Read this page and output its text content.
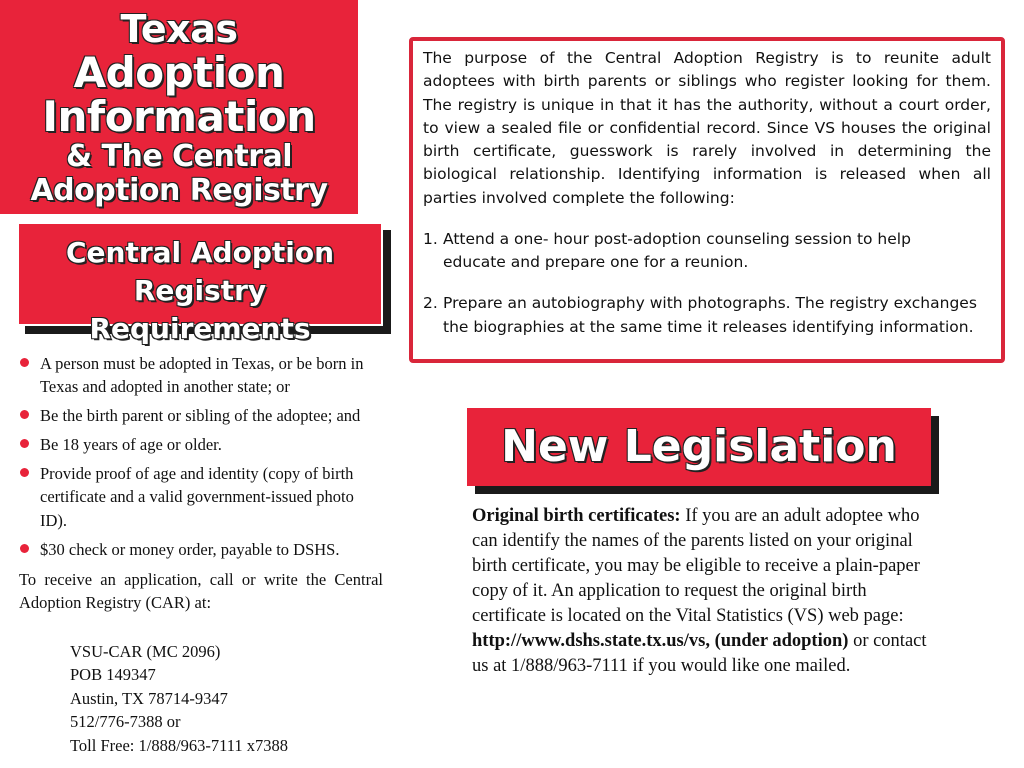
Texas
Adoption
Information
& The Central
Adoption Registry
Central Adoption
Registry Requirements
A person must be adopted in Texas, or be born in Texas and adopted in another state; or
Be the birth parent or sibling of the adoptee; and
Be 18 years of age or older.
Provide proof of age and identity (copy of birth certificate and a valid government-issued photo ID).
$30 check or money order, payable to DSHS.
To receive an application, call or write the Central Adoption Registry (CAR) at:
VSU-CAR (MC 2096)
POB 149347
Austin, TX 78714-9347
512/776-7388 or
Toll Free: 1/888/963-7111 x7388

The purpose of the Central Adoption Registry is to reunite adult adoptees with birth parents or siblings who register looking for them. The registry is unique in that it has the authority, without a court order, to view a sealed file or confidential record. Since VS houses the original birth certificate, guesswork is rarely involved in determining the biological relationship. Identifying information is released when all parties involved complete the following:

1. Attend a one- hour post-adoption counseling session to help
educate and prepare one for a reunion.
2. Prepare an autobiography with photographs. The registry exchanges
the biographies at the same time it releases identifying information.
New Legislation
Original birth certificates: If you are an adult adoptee who can identify the names of the parents listed on your original birth certificate, you may be eligible to receive a plain-paper copy of it. An application to request the original birth certificate is located on the Vital Statistics (VS) web page: http://www.dshs.state.tx.us/vs, (under adoption) or contact us at 1/888/963-7111 if you would like one mailed.
